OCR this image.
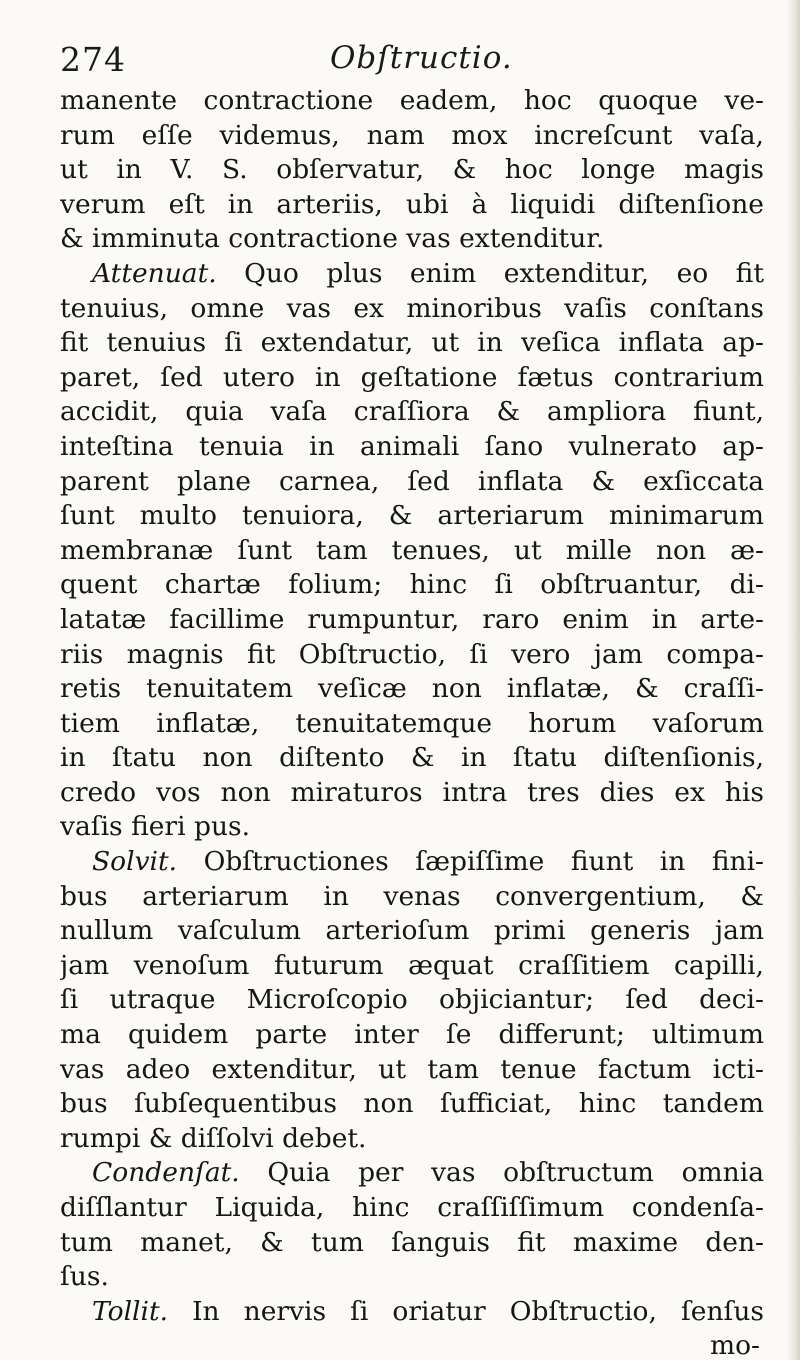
274	Obſtructio.
manente contractione eadem, hoc quoque ve-
rum eſſe videmus, nam mox increſcunt vaſa,
ut in V. S. obſervatur, & hoc longe magis
verum eſt in arteriis, ubi à liquidi diſtenſione
& imminuta contractione vas extenditur.
Attenuat. Quo plus enim extenditur, eo fit
tenuius, omne vas ex minoribus vaſis conſtans
fit tenuius ſi extendatur, ut in veſica inflata ap-
paret, ſed utero in geſtatione fætus contrarium
accidit, quia vaſa craſſiora & ampliora fiunt,
inteſtina tenuia in animali ſano vulnerato ap-
parent plane carnea, ſed inflata & exſiccata
ſunt multo tenuiora, & arteriarum minimarum
membranæ ſunt tam tenues, ut mille non æ-
quent chartæ folium; hinc ſi obſtruantur, di-
latatæ facillime rumpuntur, raro enim in arte-
riis magnis fit Obſtructio, ſi vero jam compa-
retis tenuitatem veſicæ non inflatæ, & craſſi-
tiem inflatæ, tenuitatemque horum vaſorum
in ſtatu non diſtento & in ſtatu diſtenſionis,
credo vos non miraturos intra tres dies ex his
vaſis fieri pus.
Solvit. Obſtructiones ſæpiſſime fiunt in fini-
bus arteriarum in venas convergentium, &
nullum vaſculum arterioſum primi generis jam
jam venoſum futurum æquat craſſitiem capilli,
ſi utraque Microſcopio objiciantur; ſed deci-
ma quidem parte inter ſe differunt; ultimum
vas adeo extenditur, ut tam tenue factum icti-
bus ſubſequentibus non ſufficiat, hinc tandem
rumpi & diſſolvi debet.
Condenſat. Quia per vas obſtructum omnia
diſſlantur Liquida, hinc craſſiſſimum condenſa-
tum manet, & tum ſanguis fit maxime den-
ſus.
Tollit. In nervis ſi oriatur Obſtructio, ſenſus
mo-
